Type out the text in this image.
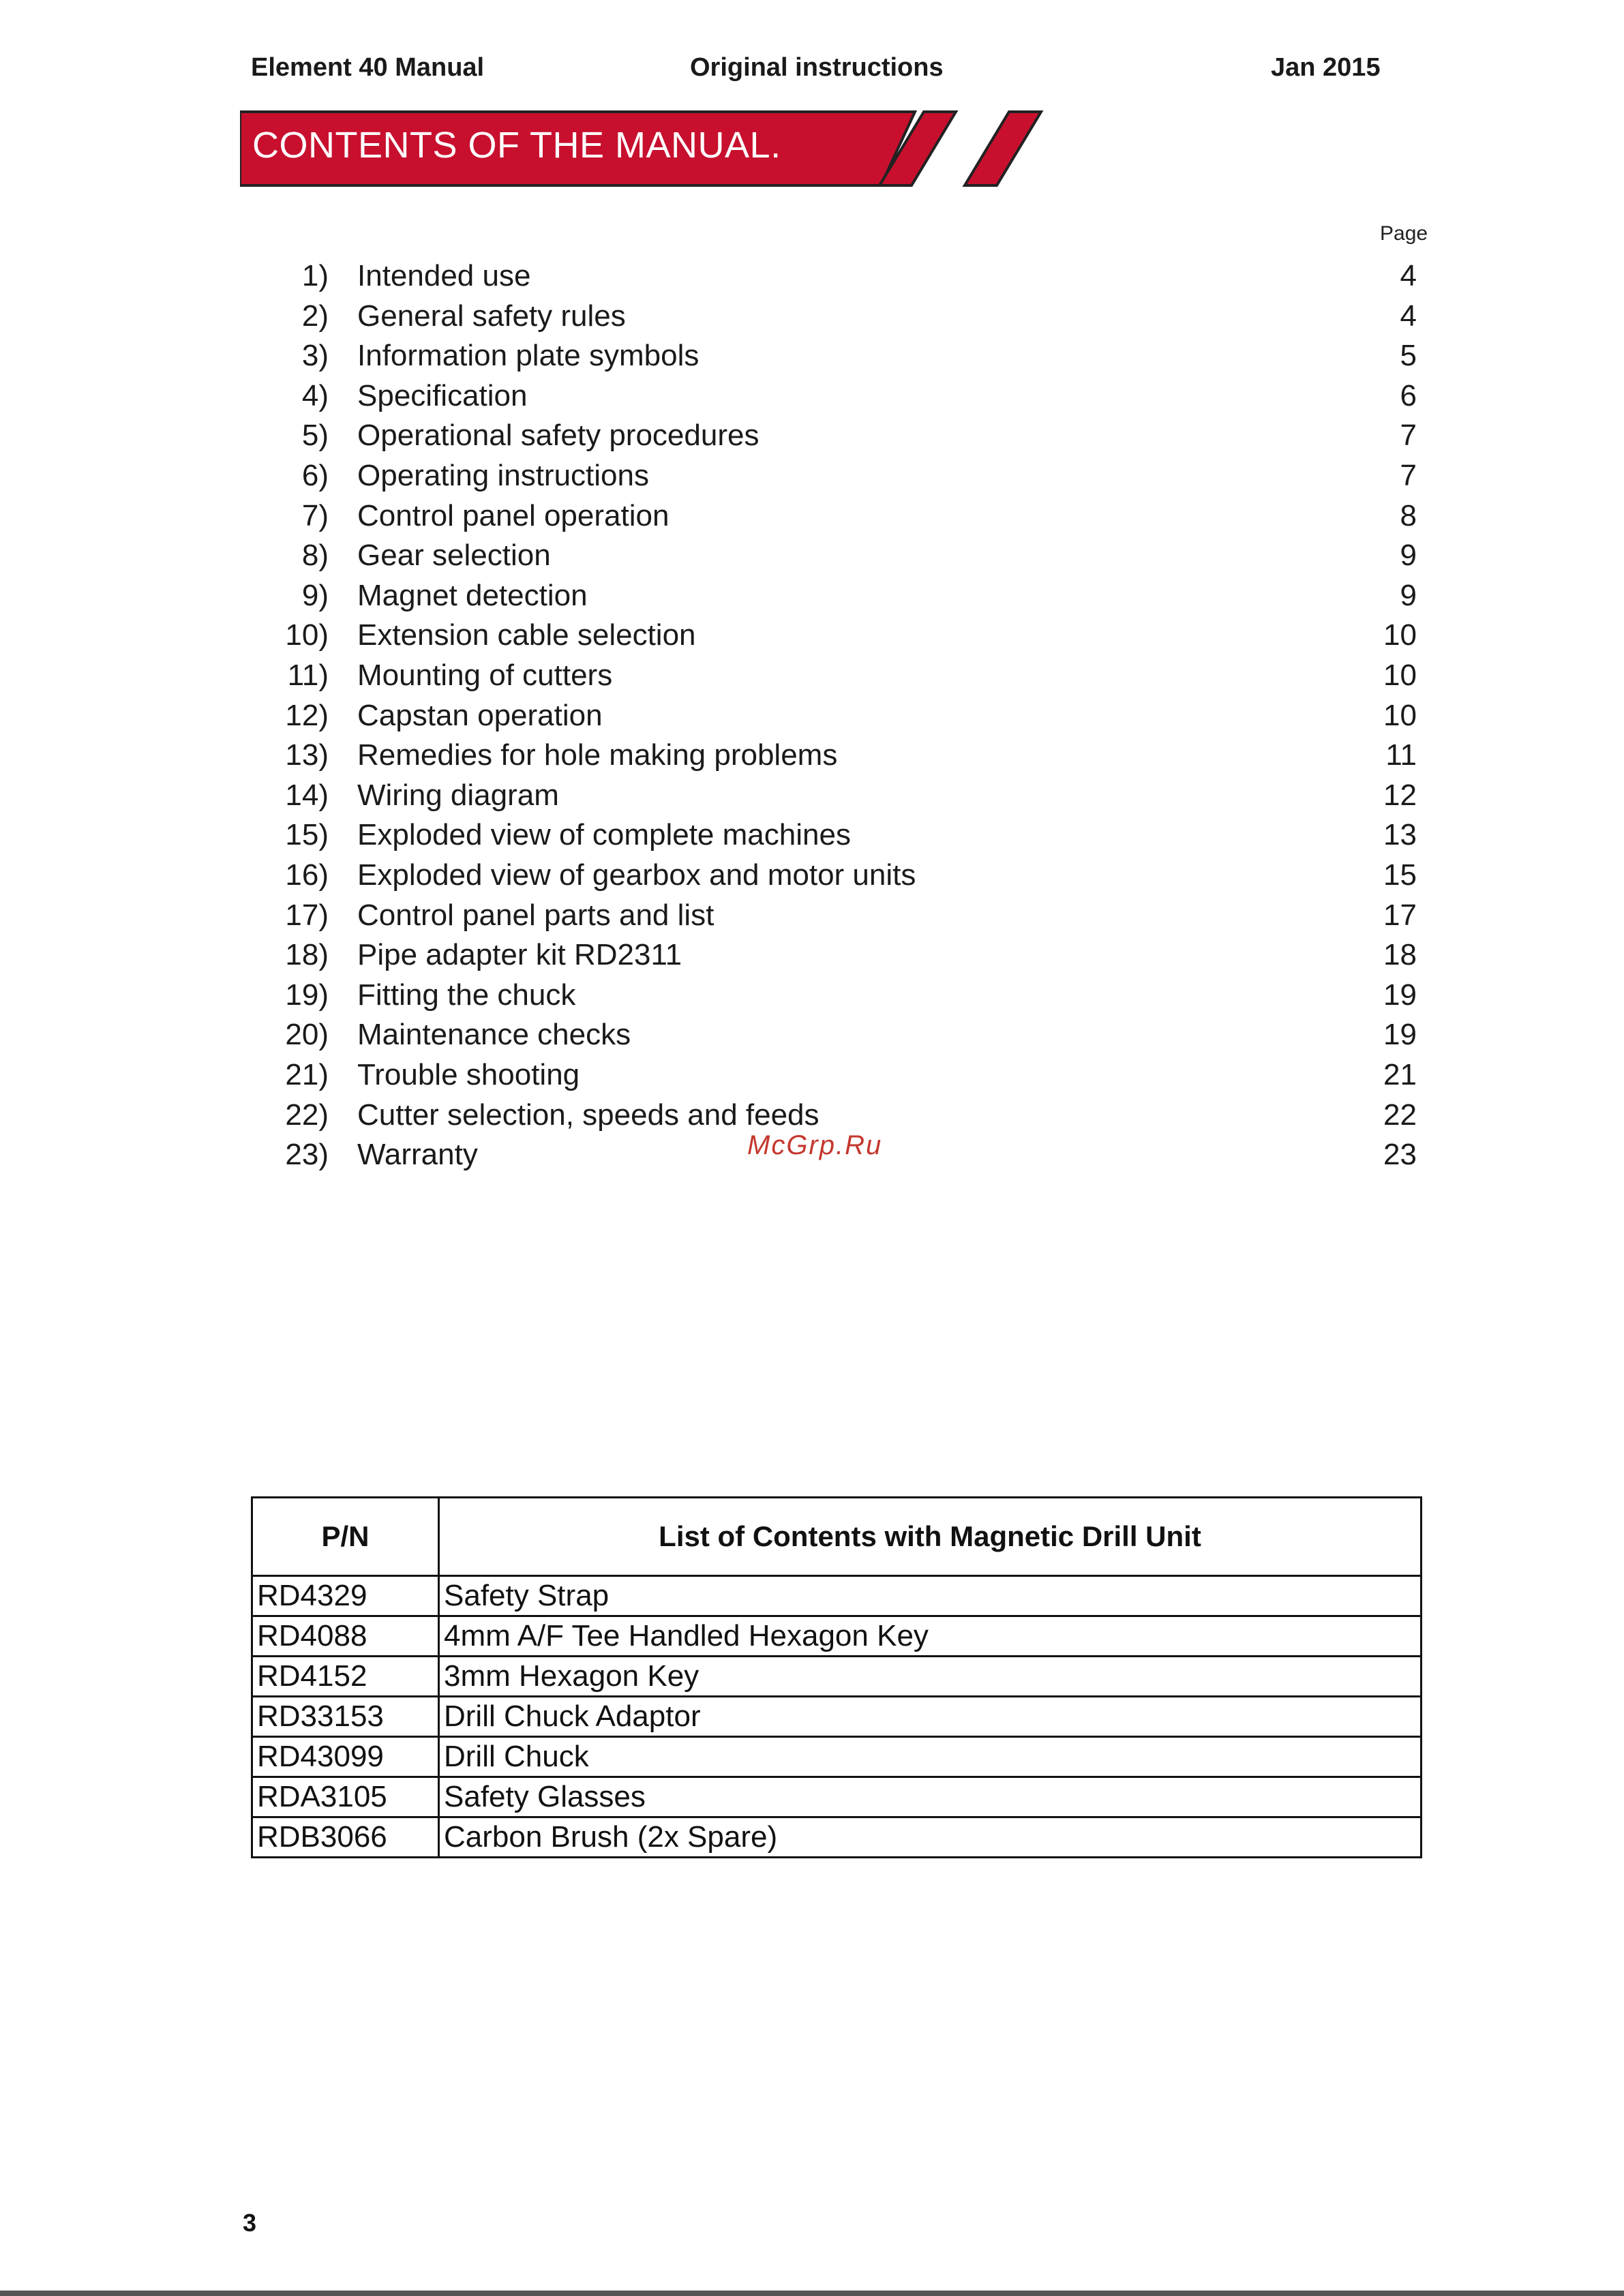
Element 40 Manual	Original instructions	Jan 2015
CONTENTS OF THE MANUAL.
Page
1) Intended use	4
2) General safety rules	4
3) Information plate symbols	5
4) Specification	6
5) Operational safety procedures	7
6) Operating instructions	7
7) Control panel operation	8
8) Gear selection	9
9) Magnet detection	9
10) Extension cable selection	10
11) Mounting of cutters	10
12) Capstan operation	10
13) Remedies for hole making problems	11
14) Wiring diagram	12
15) Exploded view of complete machines	13
16) Exploded view of gearbox and motor units	15
17) Control panel parts and list	17
18) Pipe adapter kit RD2311	18
19) Fitting the chuck	19
20) Maintenance checks	19
21) Trouble shooting	21
22) Cutter selection, speeds and feeds	22
23) Warranty	23
McGrp.Ru
P/N	List of Contents with Magnetic Drill Unit
RD4329	Safety Strap
RD4088	4mm A/F Tee Handled Hexagon Key
RD4152	3mm Hexagon Key
RD33153	Drill Chuck Adaptor
RD43099	Drill Chuck
RDA3105	Safety Glasses
RDB3066	Carbon Brush (2x Spare)
3
